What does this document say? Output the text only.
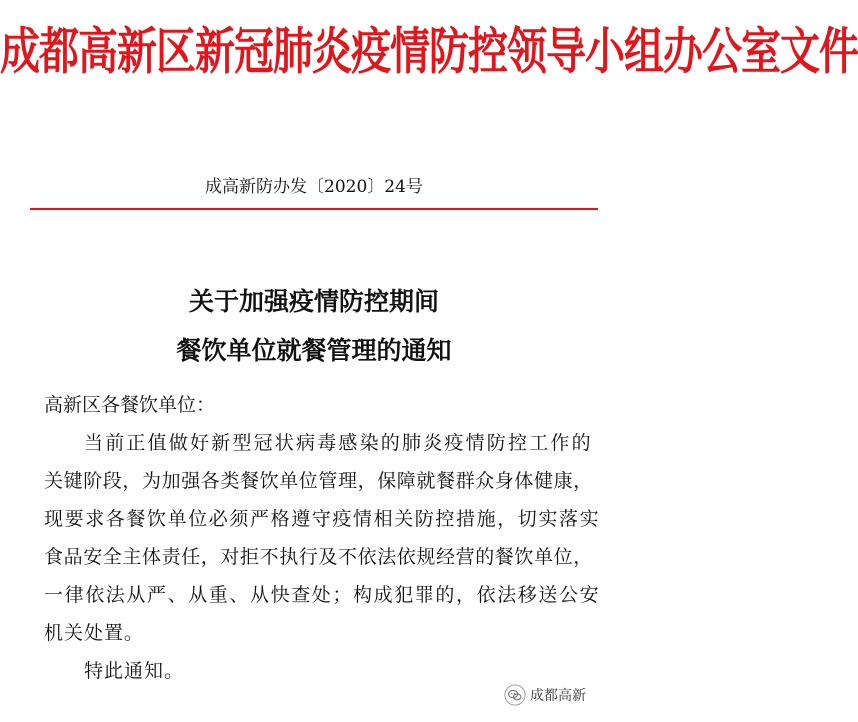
成都高新区新冠肺炎疫情防控领导小组办公室文件
成高新防办发〔2020〕24号
关于加强疫情防控期间
餐饮单位就餐管理的通知
高新区各餐饮单位：
当前正值做好新型冠状病毒感染的肺炎疫情防控工作的
关键阶段，为加强各类餐饮单位管理，保障就餐群众身体健康，
现要求各餐饮单位必须严格遵守疫情相关防控措施，切实落实
食品安全主体责任，对拒不执行及不依法依规经营的餐饮单位，
一律依法从严、从重、从快查处；构成犯罪的，依法移送公安
机关处置。
特此通知。
成都高新
